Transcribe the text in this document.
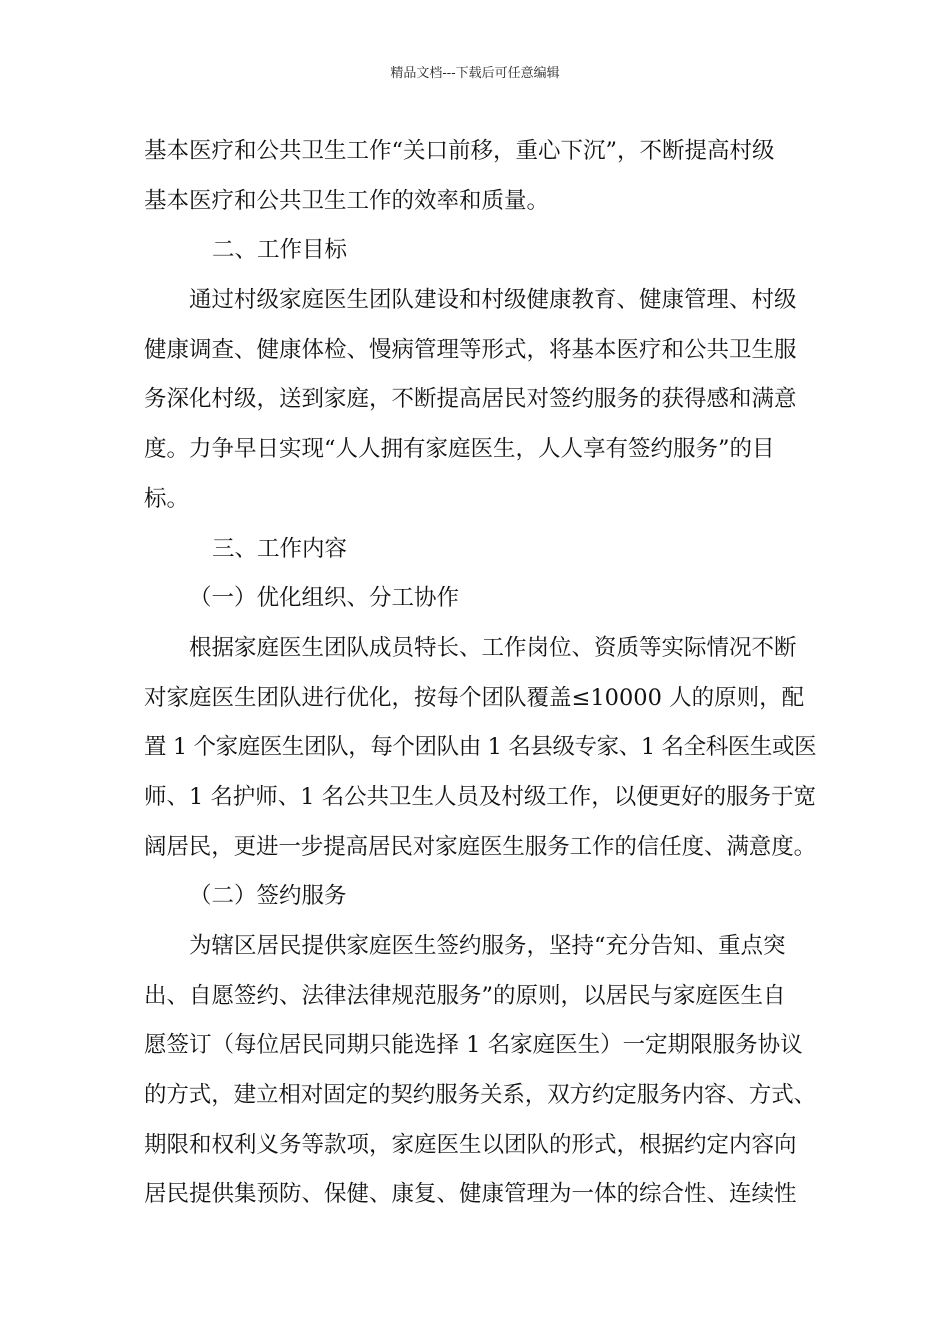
精品文档---下载后可任意编辑
基本医疗和公共卫生工作“关口前移，重心下沉”，不断提高村级
基本医疗和公共卫生工作的效率和质量。
二、工作目标
通过村级家庭医生团队建设和村级健康教育、健康管理、村级
健康调查、健康体检、慢病管理等形式，将基本医疗和公共卫生服
务深化村级，送到家庭，不断提高居民对签约服务的获得感和满意
度。力争早日实现“人人拥有家庭医生，人人享有签约服务”的目
标。
三、工作内容
（一）优化组织、分工协作
根据家庭医生团队成员特长、工作岗位、资质等实际情况不断
对家庭医生团队进行优化，按每个团队覆盖≤10000 人的原则，配
置 1 个家庭医生团队，每个团队由 1 名县级专家、1 名全科医生或医
师、1 名护师、1 名公共卫生人员及村级工作，以便更好的服务于宽
阔居民，更进一步提高居民对家庭医生服务工作的信任度、满意度。
（二）签约服务
为辖区居民提供家庭医生签约服务，坚持“充分告知、重点突
出、自愿签约、法律法律规范服务”的原则，以居民与家庭医生自
愿签订（每位居民同期只能选择 1 名家庭医生）一定期限服务协议
的方式，建立相对固定的契约服务关系，双方约定服务内容、方式、
期限和权利义务等款项，家庭医生以团队的形式，根据约定内容向
居民提供集预防、保健、康复、健康管理为一体的综合性、连续性
